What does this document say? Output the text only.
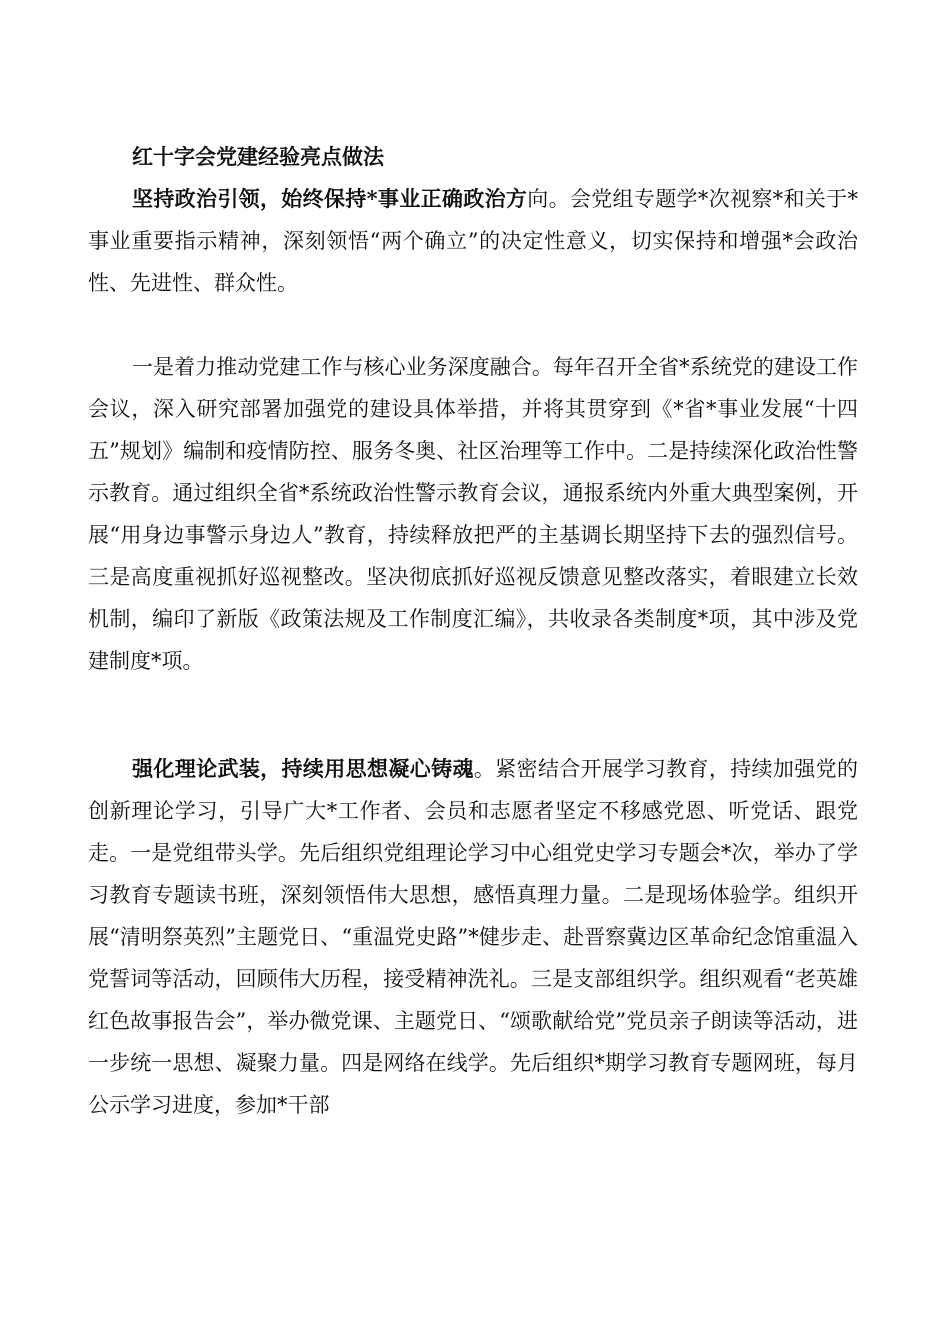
红十字会党建经验亮点做法

坚持政治引领，始终保持*事业正确政治方向。会党组专题学*次视察*和关于*事业重要指示精神，深刻领悟“两个确立”的决定性意义，切实保持和增强*会政治性、先进性、群众性。

一是着力推动党建工作与核心业务深度融合。每年召开全省*系统党的建设工作会议，深入研究部署加强党的建设具体举措，并将其贯穿到《*省*事业发展“十四五”规划》编制和疫情防控、服务冬奥、社区治理等工作中。二是持续深化政治性警示教育。通过组织全省*系统政治性警示教育会议，通报系统内外重大典型案例，开展“用身边事警示身边人”教育，持续释放把严的主基调长期坚持下去的强烈信号。三是高度重视抓好巡视整改。坚决彻底抓好巡视反馈意见整改落实，着眼建立长效机制，编印了新版《政策法规及工作制度汇编》，共收录各类制度*项，其中涉及党建制度*项。

强化理论武装，持续用思想凝心铸魂。紧密结合开展学习教育，持续加强党的创新理论学习，引导广大*工作者、会员和志愿者坚定不移感党恩、听党话、跟党走。一是党组带头学。先后组织党组理论学习中心组党史学习专题会*次，举办了学习教育专题读书班，深刻领悟伟大思想，感悟真理力量。二是现场体验学。组织开展“清明祭英烈”主题党日、“重温党史路”*健步走、赴晋察冀边区革命纪念馆重温入党誓词等活动，回顾伟大历程，接受精神洗礼。三是支部组织学。组织观看“老英雄红色故事报告会”，举办微党课、主题党日、“颂歌献给党”党员亲子朗读等活动，进一步统一思想、凝聚力量。四是网络在线学。先后组织*期学习教育专题网班，每月公示学习进度，参加*干部
